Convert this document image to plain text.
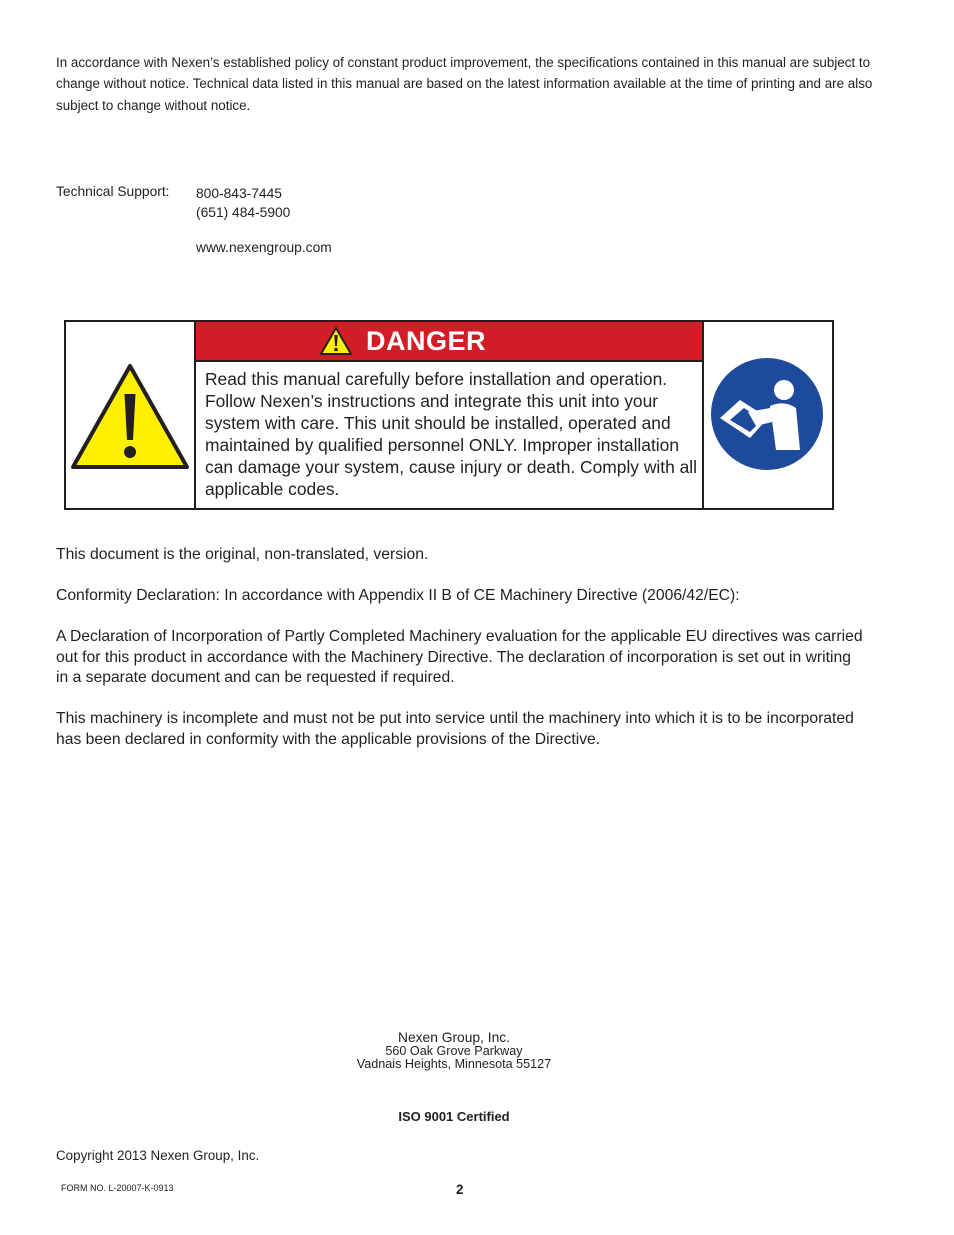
In accordance with Nexen’s established policy of constant product improvement, the specifications contained in this manual are subject to change without notice. Technical data listed in this manual are based on the latest information available at the time of printing and are also subject to change without notice.
Technical Support: 800-843-7445
(651) 484-5900
www.nexengroup.com
DANGER
Read this manual carefully before installation and operation. Follow Nexen’s instructions and integrate this unit into your system with care. This unit should be installed, operated and maintained by qualified personnel ONLY. Improper installation can damage your system, cause injury or death. Comply with all applicable codes.
This document is the original, non-translated, version.
Conformity Declaration: In accordance with Appendix II B of CE Machinery Directive (2006/42/EC):
A Declaration of Incorporation of Partly Completed Machinery evaluation for the applicable EU directives was carried out for this product in accordance with the Machinery Directive. The declaration of incorporation is set out in writing in a separate document and can be requested if required.
This machinery is incomplete and must not be put into service until the machinery into which it is to be incorporated has been declared in conformity with the applicable provisions of the Directive.
Nexen Group, Inc.
560 Oak Grove Parkway
Vadnais Heights, Minnesota 55127
ISO 9001 Certified
Copyright 2013 Nexen Group, Inc.
FORM NO. L-20007-K-0913	2
